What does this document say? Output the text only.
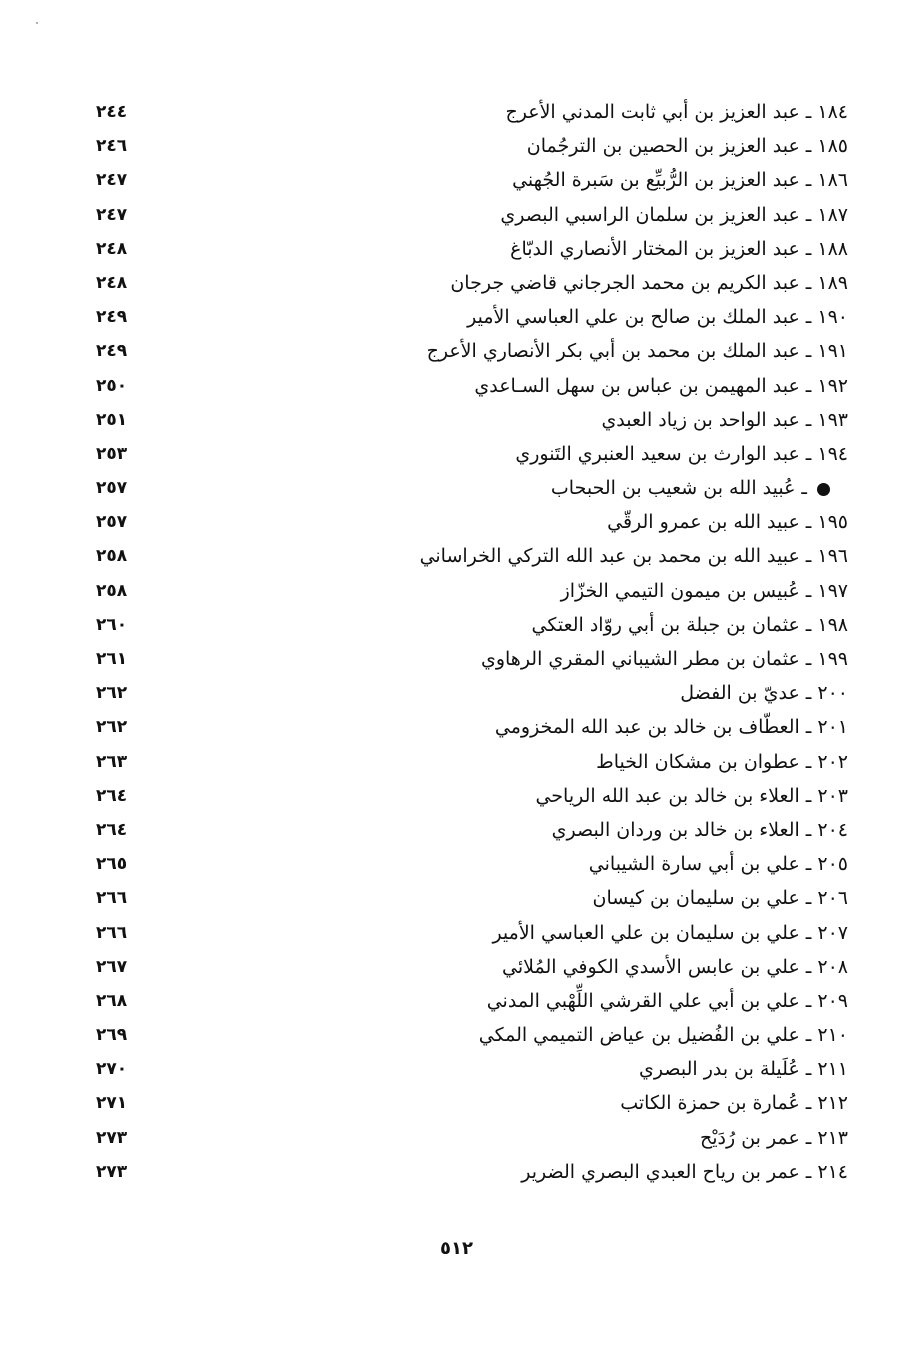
١٨٤ـعبد العزيز بن أبي ثابت المدني الأعرج
٢٤٤
١٨٥ـعبد العزيز بن الحصين بن الترجُمان
٢٤٦
١٨٦ـعبد العزيز بن الرُّبيِّع بن سَبرة الجُهني
٢٤٧
١٨٧ـعبد العزيز بن سلمان الراسبي البصري
٢٤٧
١٨٨ـعبد العزيز بن المختار الأنصاري الدبّاغ
٢٤٨
١٨٩ـعبد الكريم بن محمد الجرجاني قاضي جرجان
٢٤٨
١٩٠ـعبد الملك بن صالح بن علي العباسي الأمير
٢٤٩
١٩١ـعبد الملك بن محمد بن أبي بكر الأنصاري الأعرج
٢٤٩
١٩٢ـعبد المهيمن بن عباس بن سهل السـاعدي
٢٥٠
١٩٣ـعبد الواحد بن زياد العبدي
٢٥١
١٩٤ـعبد الوارث بن سعيد العنبري التَنوري
٢٥٣
ـعُبيد الله بن شعيب بن الحبحاب
٢٥٧
١٩٥ـعبيد الله بن عمرو الرقّي
٢٥٧
١٩٦ـعبيد الله بن محمد بن عبد الله التركي الخراساني
٢٥٨
١٩٧ـعُبيس بن ميمون التيمي الخزّاز
٢٥٨
١٩٨ـعثمان بن جبلة بن أبي روّاد العتكي
٢٦٠
١٩٩ـعثمان بن مطر الشيباني المقري الرهاوي
٢٦١
٢٠٠ـعديّ بن الفضل
٢٦٢
٢٠١ـالعطّاف بن خالد بن عبد الله المخزومي
٢٦٢
٢٠٢ـعطوان بن مشكان الخياط
٢٦٣
٢٠٣ـالعلاء بن خالد بن عبد الله الرياحي
٢٦٤
٢٠٤ـالعلاء بن خالد بن وردان البصري
٢٦٤
٢٠٥ـعلي بن أبي سارة الشيباني
٢٦٥
٢٠٦ـعلي بن سليمان بن كيسان
٢٦٦
٢٠٧ـعلي بن سليمان بن علي العباسي الأمير
٢٦٦
٢٠٨ـعلي بن عابس الأسدي الكوفي المُلائي
٢٦٧
٢٠٩ـعلي بن أبي علي القرشي اللِّهْبي المدني
٢٦٨
٢١٠ـعلي بن الفُضيل بن عياض التميمي المكي
٢٦٩
٢١١ـعُلَيلة بن بدر البصري
٢٧٠
٢١٢ـعُمارة بن حمزة الكاتب
٢٧١
٢١٣ـعمر بن رُدَيْح
٢٧٣
٢١٤ـعمر بن رياح العبدي البصري الضرير
٢٧٣
٥١٢
